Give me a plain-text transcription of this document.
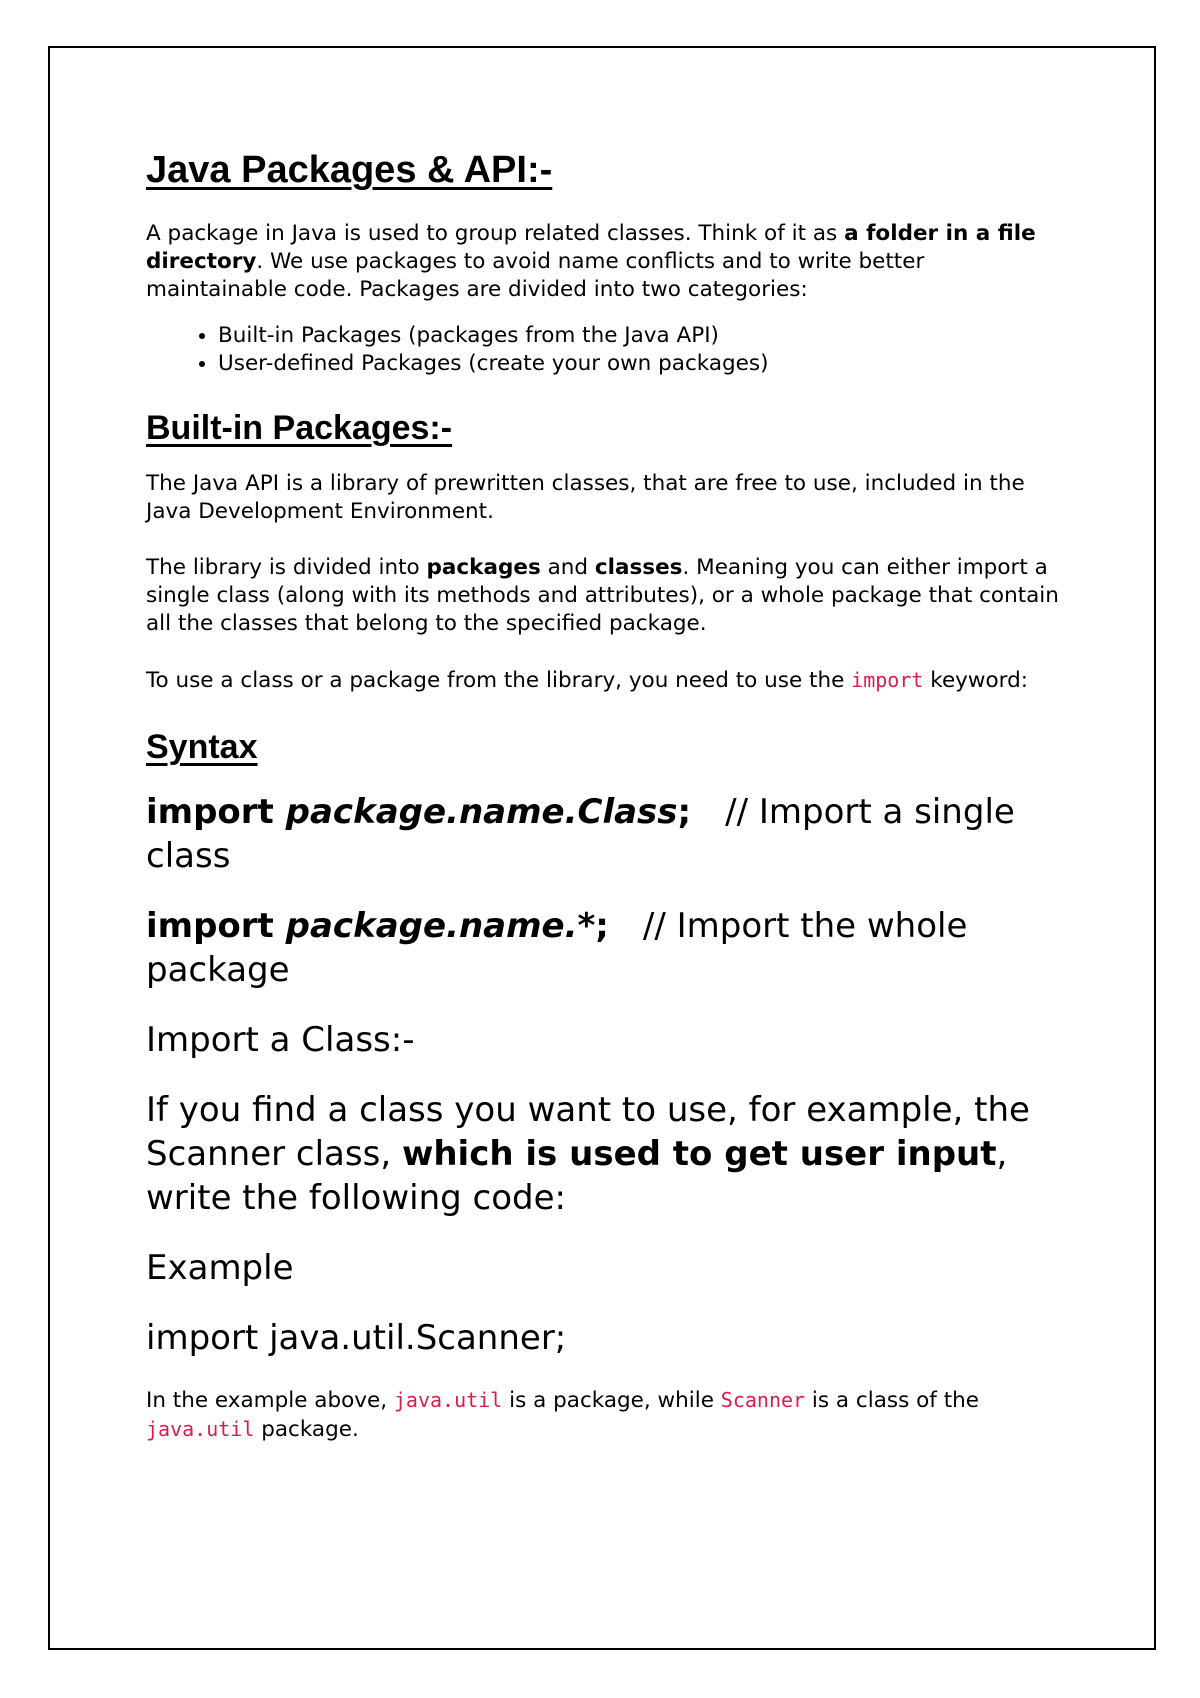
Java Packages & API:-

A package in Java is used to group related classes. Think of it as a folder in a file directory. We use packages to avoid name conflicts and to write better maintainable code. Packages are divided into two categories:

• Built-in Packages (packages from the Java API)
• User-defined Packages (create your own packages)
Built-in Packages:-

The Java API is a library of prewritten classes, that are free to use, included in the Java Development Environment.

The library is divided into packages and classes. Meaning you can either import a single class (along with its methods and attributes), or a whole package that contain all the classes that belong to the specified package.

To use a class or a package from the library, you need to use the import keyword:

Syntax

import package.name.Class; // Import a single class

import package.name.*; // Import the whole package

Import a Class:-

If you find a class you want to use, for example, the Scanner class, which is used to get user input, write the following code:

Example

import java.util.Scanner;

In the example above, java.util is a package, while Scanner is a class of the java.util package.
